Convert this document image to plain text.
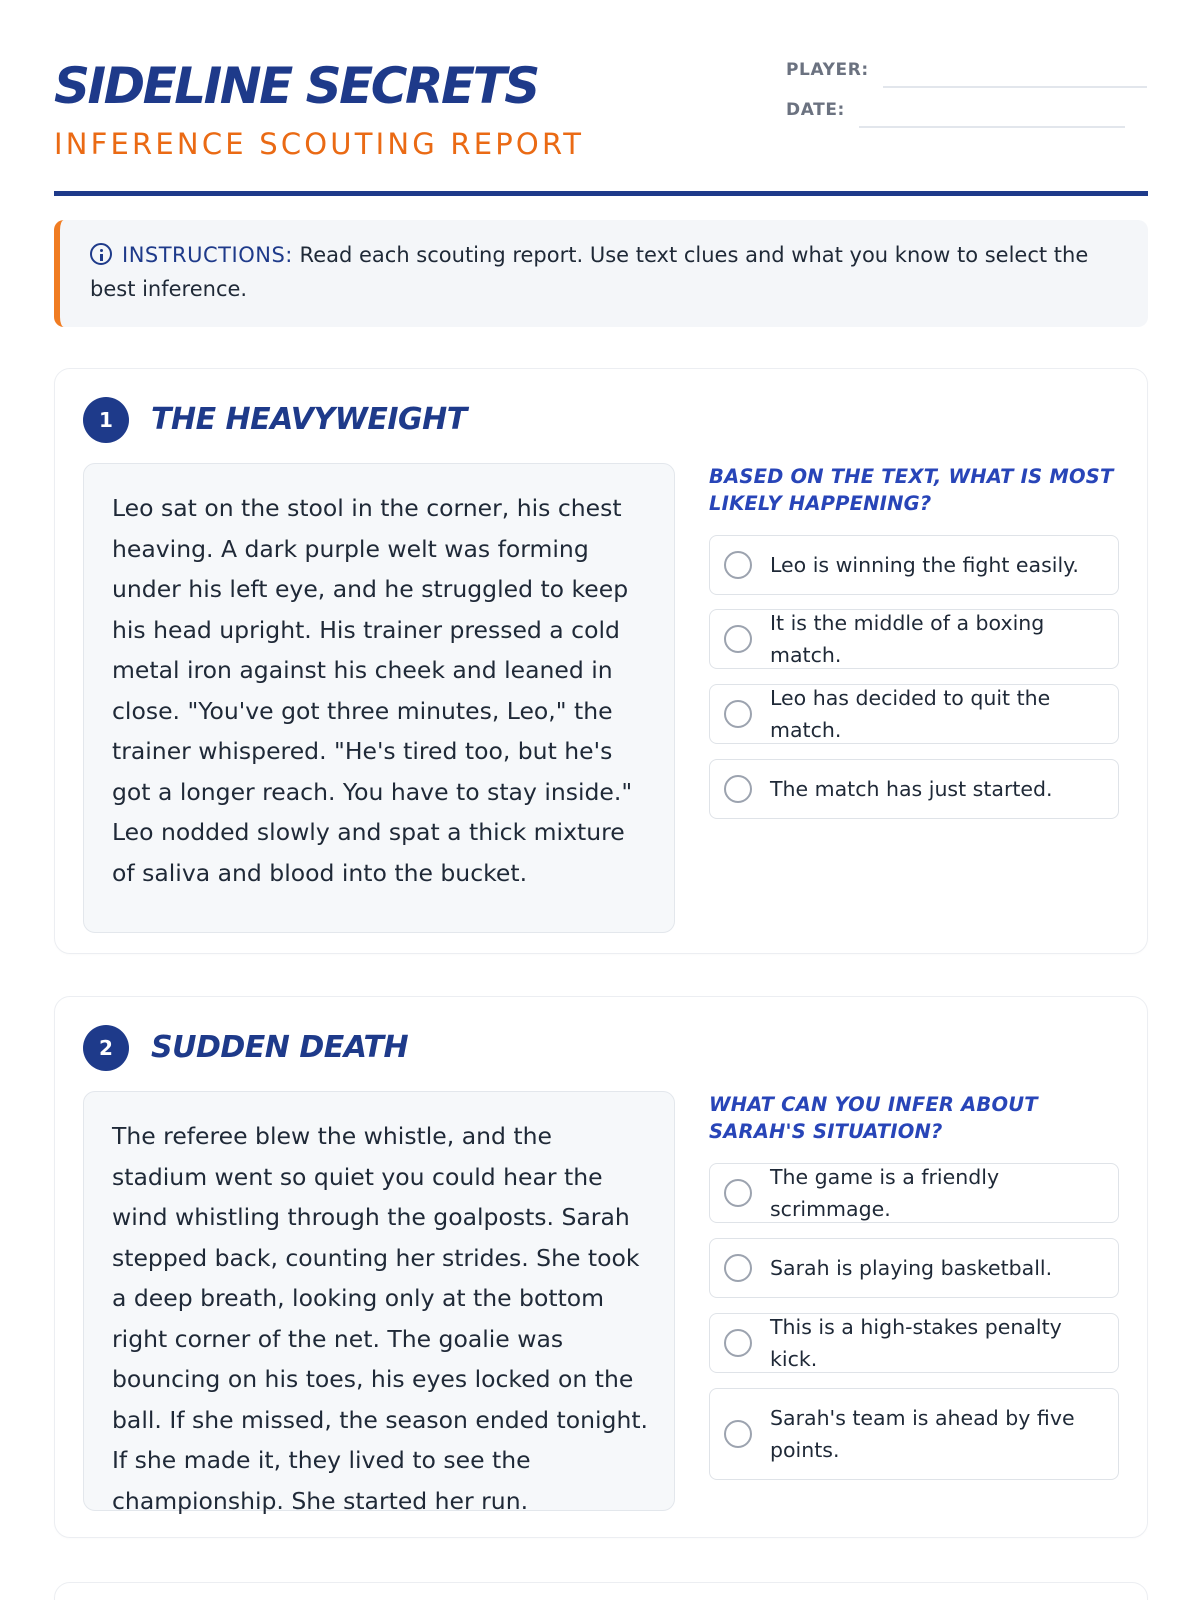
SIDELINE SECRETS
INFERENCE SCOUTING REPORT
PLAYER:
DATE:
INSTRUCTIONS: Read each scouting report. Use text clues and what you know to select the best inference.
1	THE HEAVYWEIGHT
Leo sat on the stool in the corner, his chest heaving. A dark purple welt was forming under his left eye, and he struggled to keep his head upright. His trainer pressed a cold metal iron against his cheek and leaned in close. "You've got three minutes, Leo," the trainer whispered. "He's tired too, but he's got a longer reach. You have to stay inside." Leo nodded slowly and spat a thick mixture of saliva and blood into the bucket.
BASED ON THE TEXT, WHAT IS MOST LIKELY HAPPENING?
Leo is winning the fight easily.
It is the middle of a boxing match.
Leo has decided to quit the match.
The match has just started.
2	SUDDEN DEATH
The referee blew the whistle, and the stadium went so quiet you could hear the wind whistling through the goalposts. Sarah stepped back, counting her strides. She took a deep breath, looking only at the bottom right corner of the net. The goalie was bouncing on his toes, his eyes locked on the ball. If she missed, the season ended tonight. If she made it, they lived to see the championship. She started her run.
WHAT CAN YOU INFER ABOUT SARAH'S SITUATION?
The game is a friendly scrimmage.
Sarah is playing basketball.
This is a high-stakes penalty kick.
Sarah's team is ahead by five points.
